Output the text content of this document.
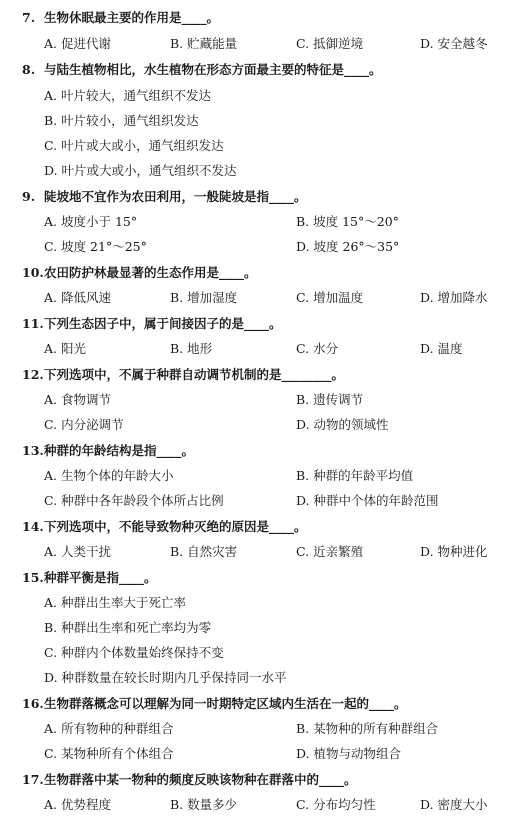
7. 生物休眠最主要的作用是____。
A. 促进代谢	B. 贮藏能量	C. 抵御逆境	D. 安全越冬
8. 与陆生植物相比，水生植物在形态方面最主要的特征是____。
A. 叶片较大，通气组织不发达
B. 叶片较小，通气组织发达
C. 叶片或大或小，通气组织发达
D. 叶片或大或小，通气组织不发达
9. 陡坡地不宜作为农田利用，一般陡坡是指____。
A. 坡度小于 15°	B. 坡度 15°～20°
C. 坡度 21°～25°	D. 坡度 26°～35°
10.农田防护林最显著的生态作用是____。
A. 降低风速	B. 增加湿度	C. 增加温度	D. 增加降水
11.下列生态因子中，属于间接因子的是____。
A. 阳光	B. 地形	C. 水分	D. 温度
12.下列选项中，不属于种群自动调节机制的是________。
A. 食物调节	B. 遗传调节
C. 内分泌调节	D. 动物的领域性
13.种群的年龄结构是指____。
A. 生物个体的年龄大小	B. 种群的年龄平均值
C. 种群中各年龄段个体所占比例	D. 种群中个体的年龄范围
14.下列选项中，不能导致物种灭绝的原因是____。
A. 人类干扰	B. 自然灾害	C. 近亲繁殖	D. 物种进化
15.种群平衡是指____。
A. 种群出生率大于死亡率
B. 种群出生率和死亡率均为零
C. 种群内个体数量始终保持不变
D. 种群数量在较长时期内几乎保持同一水平
16.生物群落概念可以理解为同一时期特定区域内生活在一起的____。
A. 所有物种的种群组合	B. 某物种的所有种群组合
C. 某物种所有个体组合	D. 植物与动物组合
17.生物群落中某一物种的频度反映该物种在群落中的____。
A. 优势程度	B. 数量多少	C. 分布均匀性	D. 密度大小
